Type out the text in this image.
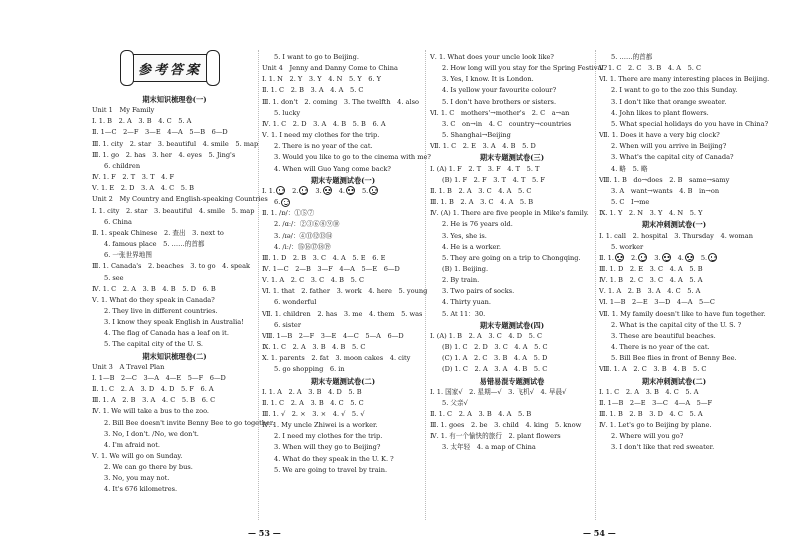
参考答案
期末知识梳理卷(一)
Unit 1　My Family
Ⅰ. 1. B　2. A　3. B　4. C　5. A
Ⅱ. 1—C　2—F　3—E　4—A　5—B　6—D
Ⅲ. 1. city　2. star　3. beautiful　4. smile　5. map
Ⅲ. 1. go　2. has　3. her　4. eyes　5. Jing's
6. children
Ⅳ. 1. F　2. T　3. T　4. F
Ⅴ. 1. E　2. D　3. A　4. C　5. B
Unit 2　My Country and English-speaking Countries
Ⅰ. 1. city　2. star　3. beautiful　4. smile　5. map
6. China
Ⅱ. 1. speak Chinese　2. 查出　3. next to
4. famous place　5. ……的首都
6. 一张世界地图
Ⅲ. 1. Canada's　2. beaches　3. to go　4. speak
5. see
Ⅳ. 1. C　2. A　3. B　4. B　5. D　6. B
Ⅴ. 1. What do they speak in Canada?
2. They live in different countries.
3. I know they speak English in Australia!
4. The flag of Canada has a leaf on it.
5. The capital city of the U. S.
期末知识梳理卷(二)
Unit 3　A Travel Plan
Ⅰ. 1—B　2—C　3—A　4—E　5—F　6—D
Ⅱ. 1. C　2. A　3. D　4. D　5. F　6. A
Ⅲ. 1. A　2. B　3. A　4. C　5. B　6. C
Ⅳ. 1. We will take a bus to the zoo.
2. Bill Bee doesn't invite Benny Bee to go together.
3. No, I don't. /No, we don't.
4. I'm afraid not.
Ⅴ. 1. We will go on Sunday.
2. We can go there by bus.
3. No, you may not.
4. It's 676 kilometres.
5. I want to go to Beijing.
Unit 4　Jenny and Danny Come to China
Ⅰ. 1. N　2. Y　3. Y　4. N　5. Y　6. Y
Ⅱ. 1. C　2. B　3. A　4. A　5. C
Ⅲ. 1. don't　2. coming　3. The twelfth　4. also
5. lucky
Ⅳ. 1. C　2. D　3. A　4. B　5. B　6. A
Ⅴ. 1. I need my clothes for the trip.
2. There is no year of the cat.
3. Would you like to go to the cinema with me?
4. When will Guo Yang come back?
期末专题测试卷(一)
Ⅰ. 1.	2.	3.	4.	5.
6.
Ⅱ. 1. /ɒ/：①⑤⑦
2. /ɑː/：②③⑥⑧⑨⑩
3. /ɪə/：④⑪⑫⑬⑭
4. /iː/：⑮⑯⑰⑱⑲
Ⅲ. 1. D　2. B　3. C　4. A　5. E　6. E
Ⅳ. 1—C　2—B　3—F　4—A　5—E　6—D
Ⅴ. 1. A　2. C　3. C　4. B　5. C
Ⅵ. 1. that　2. father　3. work　4. here　5. young
6. wonderful
Ⅶ. 1. children　2. has　3. me　4. them　5. was
6. sister
Ⅷ. 1—B　2—F　3—E　4—C　5—A　6—D
Ⅸ. 1. C　2. A　3. B　4. B　5. C
Ⅹ. 1. parents　2. fat　3. moon cakes　4. city
5. go shopping　6. in
期末专题测试卷(二)
Ⅰ. 1. A　2. A　3. B　4. D　5. B
Ⅱ. 1. C　2. A　3. B　4. C　5. C
Ⅲ. 1. √　2. ×　3. ×　4. √　5. √
Ⅳ. 1. My uncle Zhiwei is a worker.
2. I need my clothes for the trip.
3. When will they go to Beijing?
4. What do they speak in the U. K. ?
5. We are going to travel by train.
Ⅴ. 1. What does your uncle look like?
2. How long will you stay for the Spring Festival?
3. Yes, I know. It is London.
4. Is yellow your favourite colour?
5. I don't have brothers or sisters.
Ⅵ. 1. C　mothers'→mother's　2. C　a→an
3. C　on→in　4. C　country→countries
5. Shanghai→Beijing
Ⅶ. 1. C　2. E　3. A　4. B　5. D
期末专题测试卷(三)
Ⅰ. (A) 1. F　2. T　3. F　4. T　5. T
(B) 1. F　2. F　3. T　4. T　5. F
Ⅱ. 1. B　2. A　3. C　4. A　5. C
Ⅲ. 1. B　2. A　3. C　4. A　5. B
Ⅳ. (A) 1. There are five people in Mike's family.
2. He is 76 years old.
3. Yes, she is.
4. He is a worker.
5. They are going on a trip to Chongqing.
(B) 1. Beijing.
2. By train.
3. Two pairs of socks.
4. Thirty yuan.
5. At 11：30.
期末专题测试卷(四)
Ⅰ. (A) 1. B　2. A　3. C　4. D　5. C
(B) 1. C　2. D　3. C　4. A　5. C
(C) 1. A　2. C　3. B　4. A　5. D
(D) 1. C　2. A　3. A　4. B　5. C
易错易混专题测试卷
Ⅰ. 1. 国家√　2. 星期—√　3. 飞机√　4. 早晨√
5. 父亲√
Ⅱ. 1. C　2. A　3. B　4. A　5. B
Ⅲ. 1. goes　2. be　3. child　4. king　5. know
Ⅳ. 1. 有一个愉快的旅行　2. plant flowers
3. 太年轻　4. a map of China
5. ……的首都
Ⅴ. 1. C　2. C　3. B　4. A　5. C
Ⅵ. 1. There are many interesting places in Beijing.
2. I want to go to the zoo this Sunday.
3. I don't like that orange sweater.
4. John likes to plant flowers.
5. What special holidays do you have in China?
Ⅶ. 1. Does it have a very big clock?
2. When will you arrive in Beijing?
3. What's the capital city of Canada?
4. 略　5. 略
Ⅷ. 1. B　do→does　2. B　same→samy
3. A　want→wants　4. B　in→on
5. C　I→me
Ⅸ. 1. Y　2. N　3. Y　4. N　5. Y
期末冲刺测试卷(一)
Ⅰ. 1. call　2. hospital　3. Thursday　4. woman
5. worker
Ⅱ. 1.	2.	3.	4.	5.
Ⅲ. 1. D　2. E　3. C　4. A　5. B
Ⅳ. 1. B　2. C　3. C　4. A　5. A
Ⅴ. 1. A　2. B　3. A　4. C　5. A
Ⅵ. 1—B　2—E　3—D　4—A　5—C
Ⅶ. 1. My family doesn't like to have fun together.
2. What is the capital city of the U. S. ?
3. These are beautiful beaches.
4. There is no year of the cat.
5. Bill Bee flies in front of Benny Bee.
Ⅷ. 1. A　2. C　3. B　4. B　5. C
期末冲刺测试卷(二)
Ⅰ. 1. C　2. A　3. B　4. C　5. A
Ⅱ. 1—B　2—E　3—C　4—A　5—F
Ⅲ. 1. B　2. B　3. D　4. C　5. A
Ⅳ. 1. Let's go to Beijing by plane.
2. Where will you go?
3. I don't like that red sweater.
— 53 —	— 54 —
